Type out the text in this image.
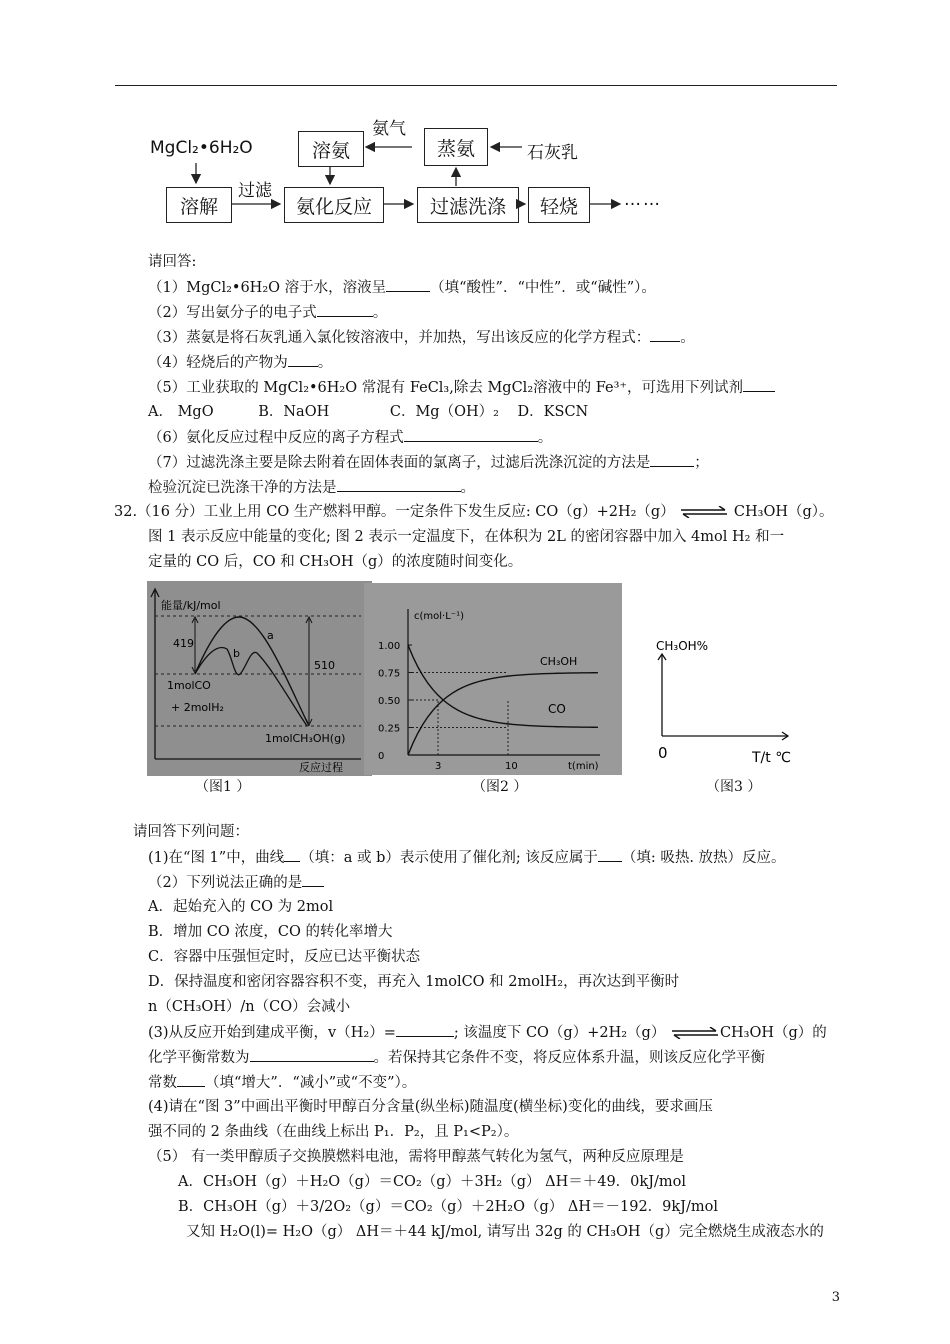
MgCl₂•6H₂O
溶解
过滤
氨化反应	过滤洗涤	轻烧	……
溶氨
氨气
蒸氨	石灰乳
请回答:
（1）MgCl₂•6H₂O 溶于水，溶液呈	（填“酸性”．“中性”．或“碱性”）。
（2）写出氨分子的电子式	。
（3）蒸氨是将石灰乳通入氯化铵溶液中，并加热，写出该反应的化学方程式： 。
（4）轻烧后的产物为 。
（5）工业获取的 MgCl₂•6H₂O 常混有 FeCl₃,除去 MgCl₂溶液中的 Fe³⁺，可选用下列试剂
A． MgO	B．NaOH	C．Mg（OH）₂ D．KSCN
（6）氨化反应过程中反应的离子方程式	。
（7）过滤洗涤主要是除去附着在固体表面的氯离子，过滤后洗涤沉淀的方法是	；
检验沉淀已洗涤干净的方法是	。
32.（16 分）工业上用 CO 生产燃料甲醇。一定条件下发生反应: CO（g）+2H₂（g） ⇌ CH₃OH（g）。
图 1 表示反应中能量的变化; 图 2 表示一定温度下，在体积为 2L 的密闭容器中加入 4mol H₂ 和一
定量的 CO 后，CO 和 CH₃OH（g）的浓度随时间变化。
能量/kJ/mol
419
510
a
b
1molCO
+ 2molH₂
1molCH₃OH(g)
反应过程
（图1 ）
c(mol·L⁻¹)
t(min)
1.00
0.75
0.50
0.25
0
3	10
CH₃OH
CO
（图2 ）
CH₃OH%
0	T/t ℃
（图3 ）
请回答下列问题：
(1)在“图 1”中，曲线 （填：a 或 b）表示使用了催化剂; 该反应属于 （填: 吸热. 放热）反应。
（2）下列说法正确的是
A．起始充入的 CO 为 2mol
B．增加 CO 浓度，CO 的转化率增大
C．容器中压强恒定时，反应已达平衡状态
D．保持温度和密闭容器容积不变，再充入 1molCO 和 2molH₂，再次达到平衡时
n（CH₃OH）/n（CO）会减小
(3)从反应开始到建成平衡，v（H₂）=	; 该温度下 CO（g）+2H₂（g） ⇌CH₃OH（g）的
化学平衡常数为	。若保持其它条件不变，将反应体系升温，则该反应化学平衡
常数 （填“增大”．“减小”或“不变”）。
(4)请在“图 3”中画出平衡时甲醇百分含量(纵坐标)随温度(横坐标)变化的曲线，要求画压
强不同的 2 条曲线（在曲线上标出 P₁．P₂，且 P₁<P₂）。
（5） 有一类甲醇质子交换膜燃料电池，需将甲醇蒸气转化为氢气，两种反应原理是
A．CH₃OH（g）＋H₂O（g）＝CO₂（g）＋3H₂（g） ΔH＝＋49．0kJ/mol
B．CH₃OH（g）＋3/2O₂（g）＝CO₂（g）＋2H₂O（g） ΔH＝－192．9kJ/mol
又知 H₂O(l)= H₂O（g） ΔH＝＋44 kJ/mol, 请写出 32g 的 CH₃OH（g）完全燃烧生成液态水的
3
